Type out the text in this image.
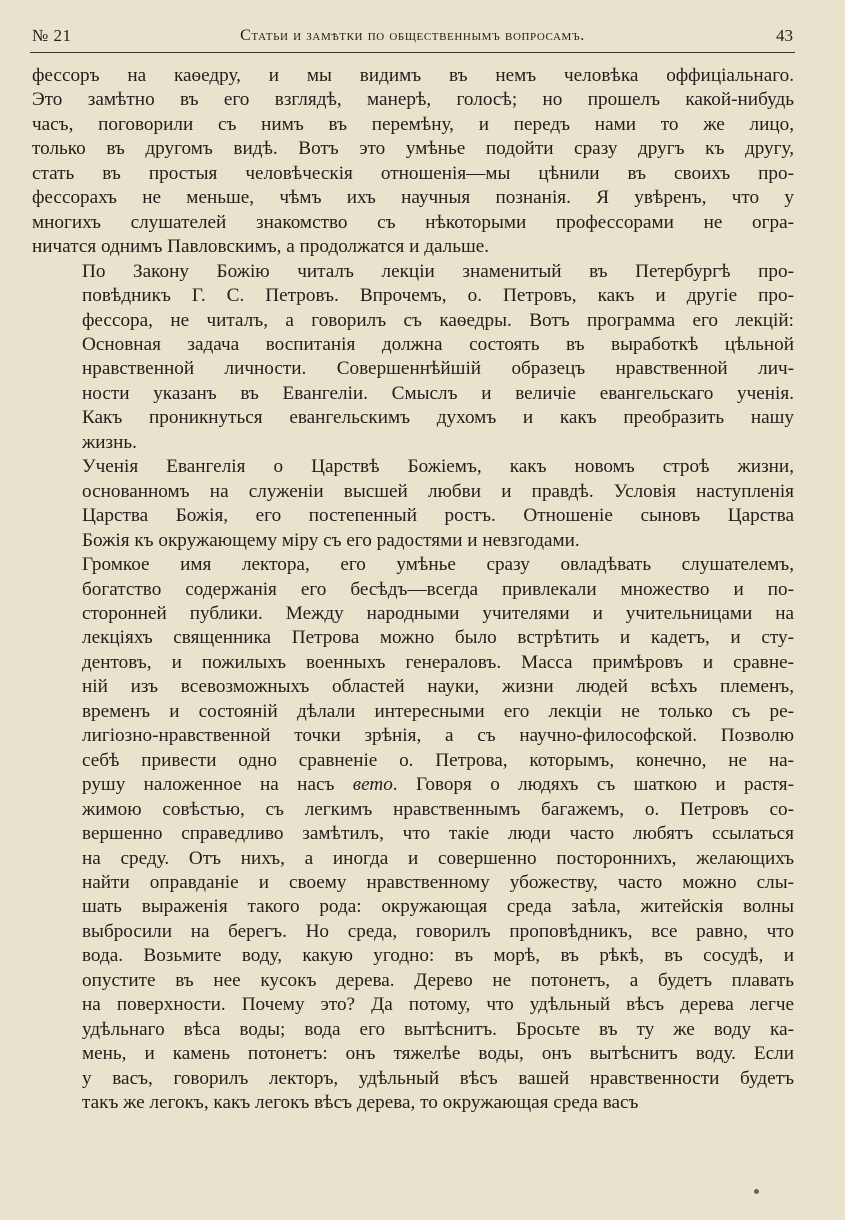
№ 21	Статьи и замѣтки по общественнымъ вопросамъ.	43

фессоръ на каѳедру, и мы видимъ въ немъ человѣка оффиціальнаго.
Это замѣтно въ его взглядѣ, манерѣ, голосѣ; но прошелъ какой-нибудь
часъ, поговорили съ нимъ въ перемѣну, и передъ нами то же лицо,
только въ другомъ видѣ. Вотъ это умѣнье подойти сразу другъ къ другу,
стать въ простыя человѣческія отношенія—мы цѣнили въ своихъ про-
фессорахъ не меньше, чѣмъ ихъ научныя познанія. Я увѣренъ, что у
многихъ слушателей знакомство съ нѣкоторыми профессорами не огра-
ничатся однимъ Павловскимъ, а продолжатся и дальше.

По Закону Божію читалъ лекціи знаменитый въ Петербургѣ про-
повѣдникъ Г. С. Петровъ. Впрочемъ, о. Петровъ, какъ и другіе про-
фессора, не читалъ, а говорилъ съ каѳедры. Вотъ программа его лекцій:
Основная задача воспитанія должна состоять въ выработкѣ цѣльной
нравственной личности. Совершеннѣйшій образецъ нравственной лич-
ности указанъ въ Евангеліи. Смыслъ и величіе евангельскаго ученія.
Какъ проникнуться евангельскимъ духомъ и какъ преобразить нашу
жизнь.

Ученія Евангелія о Царствѣ Божіемъ, какъ новомъ строѣ жизни,
основанномъ на служеніи высшей любви и правдѣ. Условія наступленія
Царства Божія, его постепенный ростъ. Отношеніе сыновъ Царства
Божія къ окружающему міру съ его радостями и невзгодами.

Громкое имя лектора, его умѣнье сразу овладѣвать слушателемъ,
богатство содержанія его бесѣдъ—всегда привлекали множество и по-
сторонней публики. Между народными учителями и учительницами на
лекціяхъ священника Петрова можно было встрѣтить и кадетъ, и сту-
дентовъ, и пожилыхъ военныхъ генераловъ. Масса примѣровъ и сравне-
ній изъ всевозможныхъ областей науки, жизни людей всѣхъ племенъ,
временъ и состояній дѣлали интересными его лекціи не только съ ре-
лигіозно-нравственной точки зрѣнія, а съ научно-философской. Позволю
себѣ привести одно сравненіе о. Петрова, которымъ, конечно, не на-
рушу наложенное на насъ вето. Говоря о людяхъ съ шаткою и растя-
жимою совѣстью, съ легкимъ нравственнымъ багажемъ, о. Петровъ со-
вершенно справедливо замѣтилъ, что такіе люди часто любятъ ссылаться
на среду. Отъ нихъ, а иногда и совершенно постороннихъ, желающихъ
найти оправданіе и своему нравственному убожеству, часто можно слы-
шать выраженія такого рода: окружающая среда заѣла, житейскія волны
выбросили на берегъ. Но среда, говорилъ проповѣдникъ, все равно, что
вода. Возьмите воду, какую угодно: въ морѣ, въ рѣкѣ, въ сосудѣ, и
опустите въ нее кусокъ дерева. Дерево не потонетъ, а будетъ плавать
на поверхности. Почему это? Да потому, что удѣльный вѣсъ дерева легче
удѣльнаго вѣса воды; вода его вытѣснитъ. Бросьте въ ту же воду ка-
мень, и камень потонетъ: онъ тяжелѣе воды, онъ вытѣснитъ воду. Если
у васъ, говорилъ лекторъ, удѣльный вѣсъ вашей нравственности будетъ
такъ же легокъ, какъ легокъ вѣсъ дерева, то окружающая среда васъ
